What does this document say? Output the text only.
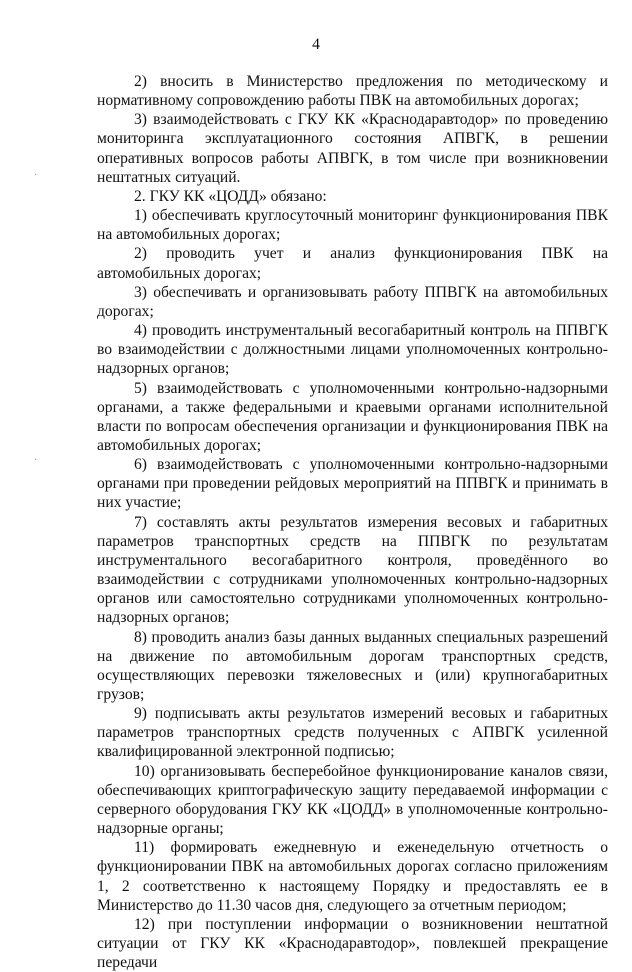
4
·
·

2) вносить в Министерство предложения по методическому и нормативному сопровождению работы ПВК на автомобильных дорогах;

3) взаимодействовать с ГКУ КК «Краснодаравтодор» по проведению мониторинга эксплуатационного состояния АПВГК, в решении оперативных вопросов работы АПВГК, в том числе при возникновении нештатных ситуаций.

2. ГКУ КК «ЦОДД» обязано:

1) обеспечивать круглосуточный мониторинг функционирования ПВК на автомобильных дорогах;

2) проводить учет и анализ функционирования ПВК на автомобильных дорогах;

3) обеспечивать и организовывать работу ППВГК на автомобильных дорогах;

4) проводить инструментальный весогабаритный контроль на ППВГК во взаимодействии с должностными лицами уполномоченных контрольно-надзорных органов;

5) взаимодействовать с уполномоченными контрольно-надзорными органами, а также федеральными и краевыми органами исполнительной власти по вопросам обеспечения организации и функционирования ПВК на автомобильных дорогах;

6) взаимодействовать с уполномоченными контрольно-надзорными органами при проведении рейдовых мероприятий на ППВГК и принимать в них участие;

7) составлять акты результатов измерения весовых и габаритных параметров транспортных средств на ППВГК по результатам инструментального весогабаритного контроля, проведённого во взаимодействии с сотрудниками уполномоченных контрольно-надзорных органов или самостоятельно сотрудниками уполномоченных контрольно-надзорных органов;

8) проводить анализ базы данных выданных специальных разрешений на движение по автомобильным дорогам транспортных средств, осуществляющих перевозки тяжеловесных и (или) крупногабаритных грузов;

9) подписывать акты результатов измерений весовых и габаритных параметров транспортных средств полученных с АПВГК усиленной квалифицированной электронной подписью;

10) организовывать бесперебойное функционирование каналов связи, обеспечивающих криптографическую защиту передаваемой информации с серверного оборудования ГКУ КК «ЦОДД» в уполномоченные контрольно-надзорные органы;

11) формировать ежедневную и еженедельную отчетность о функционировании ПВК на автомобильных дорогах согласно приложениям 1, 2 соответственно к настоящему Порядку и предоставлять ее в Министерство до 11.30 часов дня, следующего за отчетным периодом;

12) при поступлении информации о возникновении нештатной ситуации от ГКУ КК «Краснодаравтодор», повлекшей прекращение передачи
